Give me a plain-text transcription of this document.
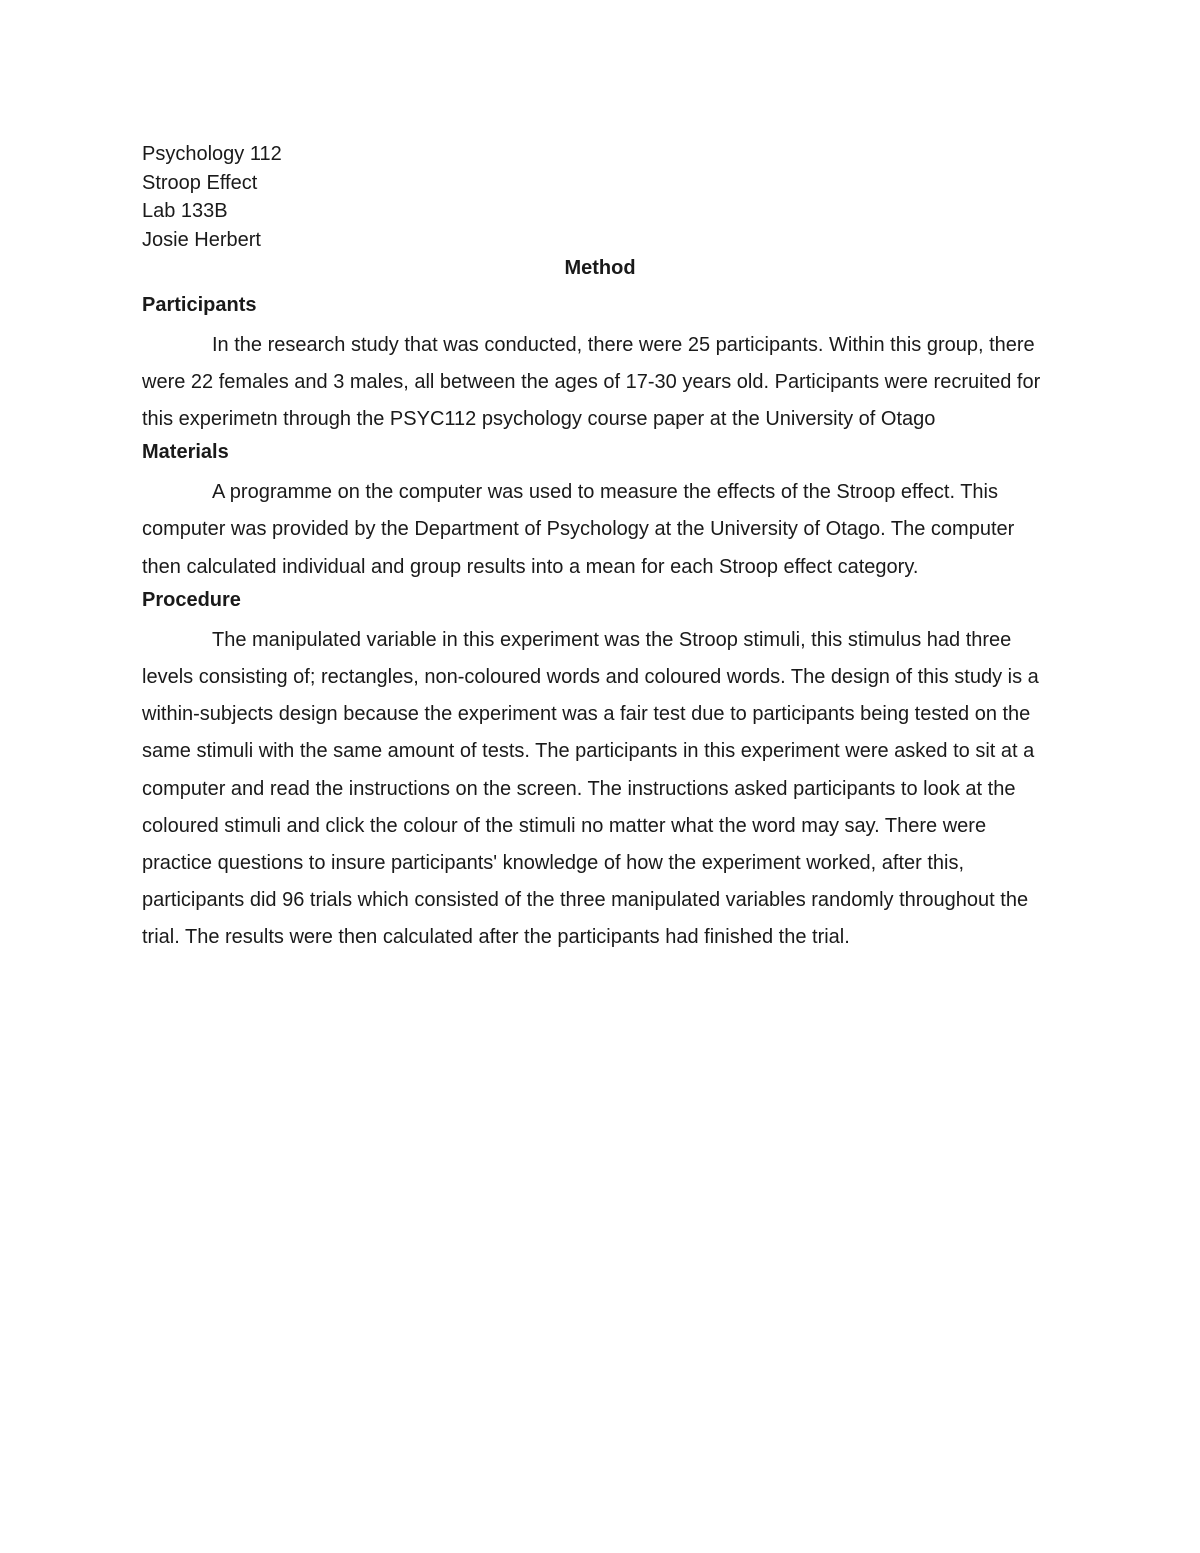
Psychology 112

Stroop Effect

Lab 133B

Josie Herbert

Method

Participants

In the research study that was conducted, there were 25 participants. Within this group, there were 22 females and 3 males, all between the ages of 17-30 years old. Participants were recruited for this experimetn through the PSYC112 psychology course paper at the University of Otago

Materials

A programme on the computer was used to measure the effects of the Stroop effect. This computer was provided by the Department of Psychology at the University of Otago. The computer then calculated individual and group results into a mean for each Stroop effect category.

Procedure

The manipulated variable in this experiment was the Stroop stimuli, this stimulus had three levels consisting of; rectangles, non-coloured words and coloured words. The design of this study is a within-subjects design because the experiment was a fair test due to participants being tested on the same stimuli with the same amount of tests. The participants in this experiment were asked to sit at a computer and read the instructions on the screen. The instructions asked participants to look at the coloured stimuli and click the colour of the stimuli no matter what the word may say. There were practice questions to insure participants' knowledge of how the experiment worked, after this, participants did 96 trials which consisted of the three manipulated variables randomly throughout the trial. The results were then calculated after the participants had finished the trial.
